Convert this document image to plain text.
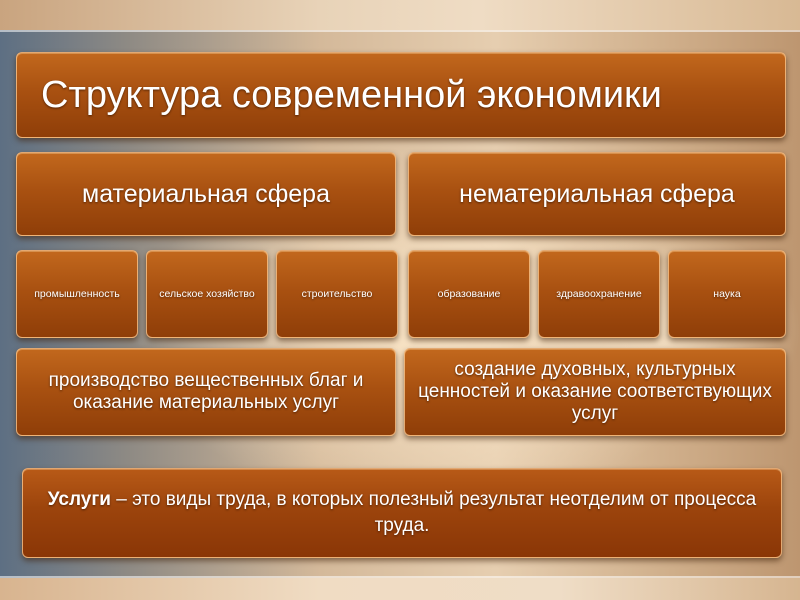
Структура современной экономики
материальная сфера	нематериальная сфера
промышленность	сельское хозяйство	строительство	образование	здравоохранение	наука
производство вещественных благ и оказание материальных услуг
создание духовных, культурных ценностей и оказание соответствующих услуг
Услуги – это виды труда, в которых полезный результат неотделим от процесса труда.
